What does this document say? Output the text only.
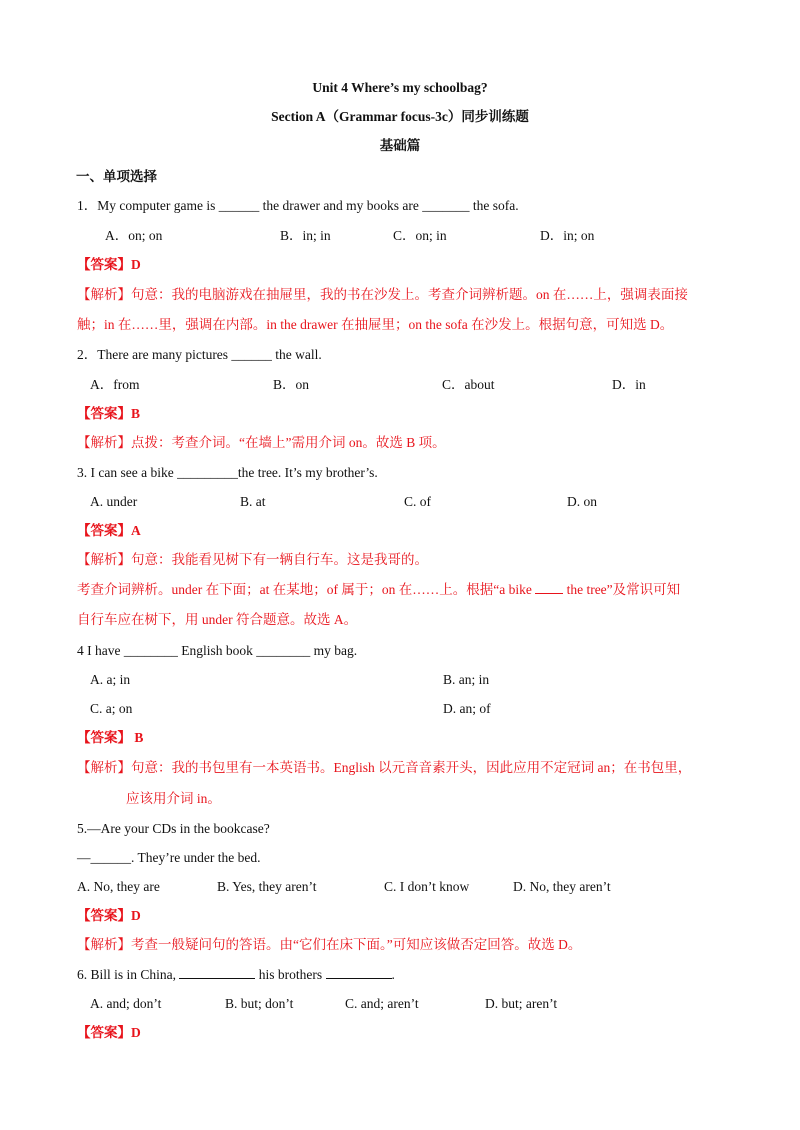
Unit 4 Where’s my schoolbag?
Section A（Grammar focus-3c）同步训练题
基础篇
一、单项选择
1．My computer game is ______ the drawer and my books are _______ the sofa.
A．on; on	B．in; in	C．on; in	D．in; on
【答案】D
【解析】句意：我的电脑游戏在抽屉里，我的书在沙发上。考查介词辨析题。on 在……上，强调表面接
触；in 在……里，强调在内部。in the drawer 在抽屉里；on the sofa 在沙发上。根据句意，可知选 D。
2．There are many pictures ______ the wall.
A．from	B．on	C．about	D．in
【答案】B
【解析】点拨：考查介词。“在墙上”需用介词 on。故选 B 项。
3. I can see a bike _________the tree. It’s my brother’s.
A. under	B. at	C. of	D. on
【答案】A
【解析】句意：我能看见树下有一辆自行车。这是我哥的。
考查介词辨析。under 在下面；at 在某地；of 属于；on 在……上。根据“a bike  the tree”及常识可知
自行车应在树下，用 under 符合题意。故选 A。
4 I have ________ English book ________ my bag.
A. a; in	B. an; in
C. a; on	D. an; of
【答案】 B
【解析】句意：我的书包里有一本英语书。English 以元音音素开头，因此应用不定冠词 an；在书包里，
应该用介词 in。
5.—Are your CDs in the bookcase?
—______. They’re under the bed.
A. No, they are	B. Yes, they aren’t	C. I don’t know	D. No, they aren’t
【答案】D
【解析】考查一般疑问句的答语。由“它们在床下面。”可知应该做否定回答。故选 D。
6. Bill is in China,	his brothers	.
A. and; don’t	B. but; don’t	C. and; aren’t	D. but; aren’t
【答案】D
